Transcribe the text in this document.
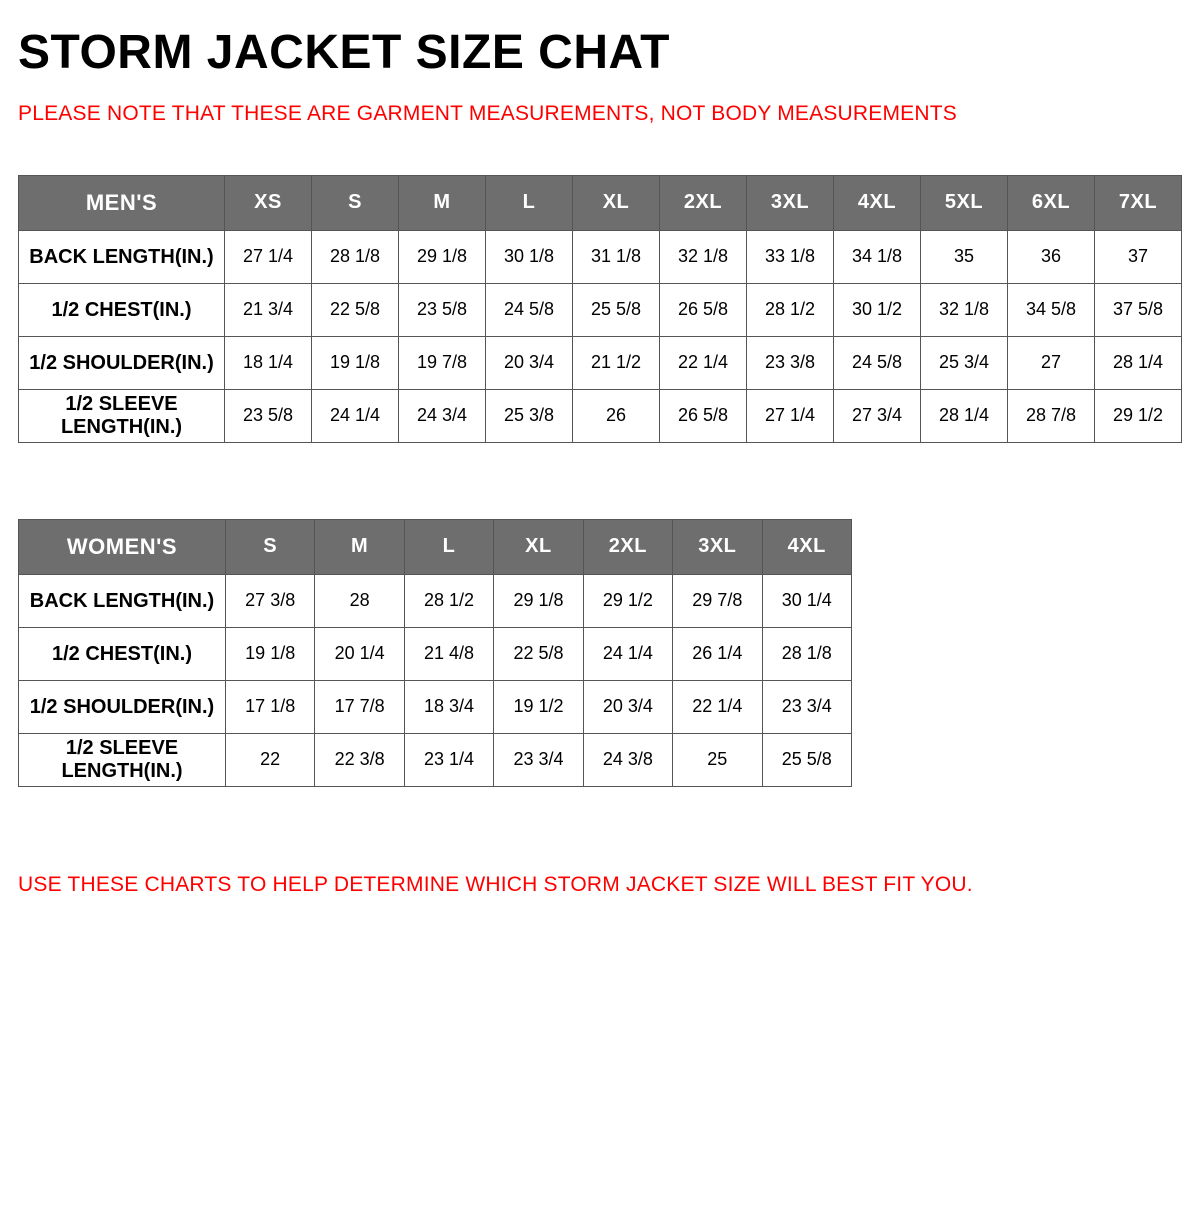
STORM JACKET SIZE CHAT
PLEASE NOTE THAT THESE ARE GARMENT MEASUREMENTS, NOT BODY MEASUREMENTS
MEN'S	XS	S	M	L	XL	2XL	3XL	4XL	5XL	6XL	7XL
BACK LENGTH(IN.)	27 1/4	28 1/8	29 1/8	30 1/8	31 1/8	32 1/8	33 1/8	34 1/8	35	36	37
1/2 CHEST(IN.)	21 3/4	22 5/8	23 5/8	24 5/8	25 5/8	26 5/8	28 1/2	30 1/2	32 1/8	34 5/8	37 5/8
1/2 SHOULDER(IN.)	18 1/4	19 1/8	19 7/8	20 3/4	21 1/2	22 1/4	23 3/8	24 5/8	25 3/4	27	28 1/4
1/2 SLEEVE LENGTH(IN.)	23 5/8	24 1/4	24 3/4	25 3/8	26	26 5/8	27 1/4	27 3/4	28 1/4	28 7/8	29 1/2
WOMEN'S	S	M	L	XL	2XL	3XL	4XL
BACK LENGTH(IN.)	27 3/8	28	28 1/2	29 1/8	29 1/2	29 7/8	30 1/4
1/2 CHEST(IN.)	19 1/8	20 1/4	21 4/8	22 5/8	24 1/4	26 1/4	28 1/8
1/2 SHOULDER(IN.)	17 1/8	17 7/8	18 3/4	19 1/2	20 3/4	22 1/4	23 3/4
1/2 SLEEVE LENGTH(IN.)	22	22 3/8	23 1/4	23 3/4	24 3/8	25	25 5/8
USE THESE CHARTS TO HELP DETERMINE WHICH STORM JACKET SIZE WILL BEST FIT YOU.
